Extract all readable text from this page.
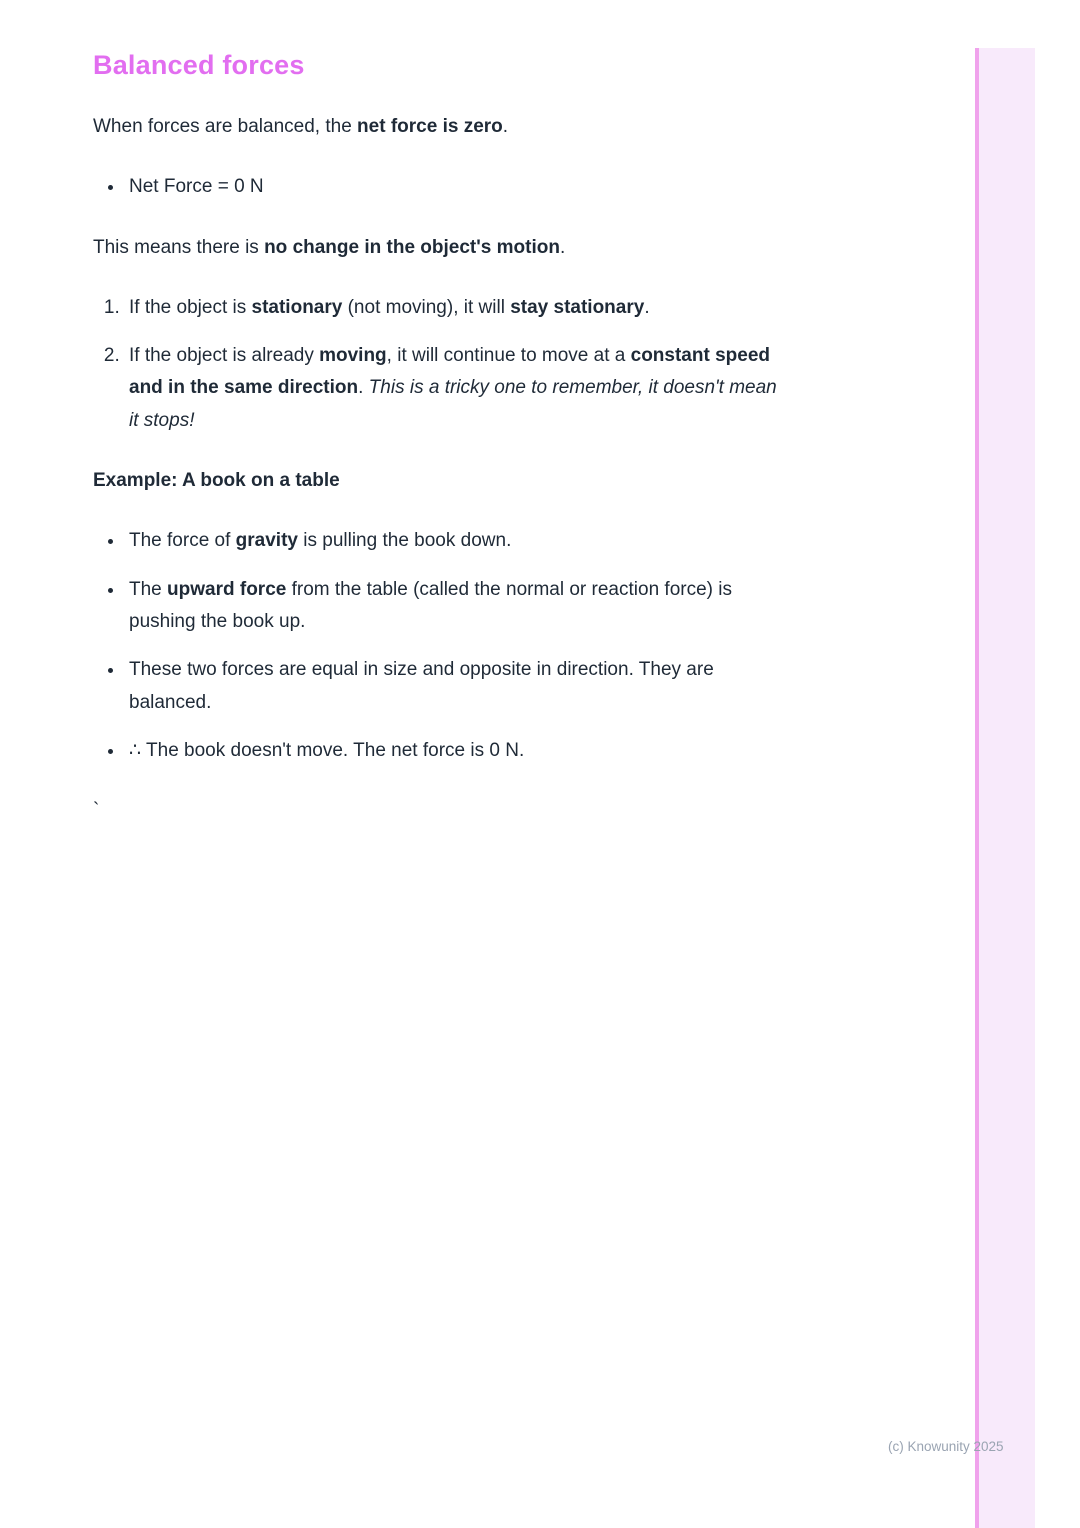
Balanced forces

When forces are balanced, the net force is zero.

• Net Force = 0 N

This means there is no change in the object's motion.

1. If the object is stationary (not moving), it will stay stationary.
2. If the object is already moving, it will continue to move at a constant speed and in the same direction. This is a tricky one to remember, it doesn't mean it stops!

Example: A book on a table

• The force of gravity is pulling the book down.
• The upward force from the table (called the normal or reaction force) is pushing the book up.
• These two forces are equal in size and opposite in direction. They are balanced.
• ∴ The book doesn't move. The net force is 0 N.

`

(c) Knowunity 2025
